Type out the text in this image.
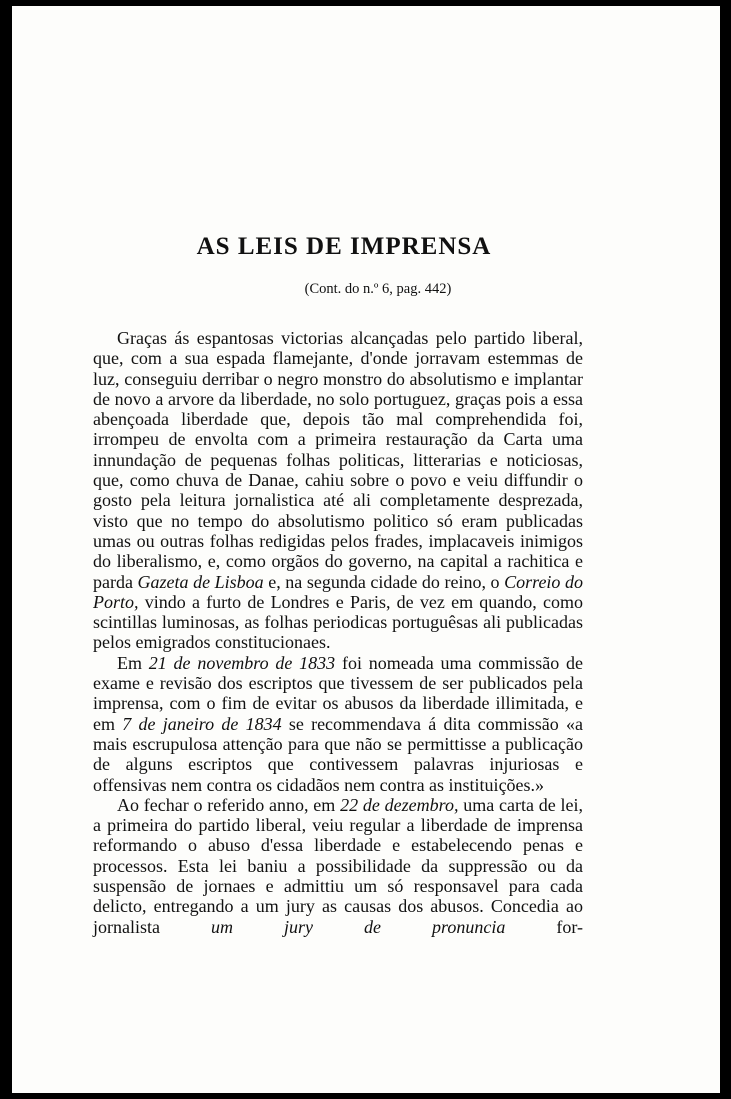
AS LEIS DE IMPRENSA
(Cont. do n.º 6, pag. 442)

Graças ás espantosas victorias alcançadas pelo partido liberal, que, com a sua espada flamejante, d'onde jorravam estemmas de luz, conseguiu derribar o negro monstro do absolutismo e implantar de novo a arvore da liberdade, no solo portuguez, graças pois a essa abençoada liberdade que, depois tão mal comprehendida foi, irrompeu de envolta com a primeira restauração da Carta uma innundação de pequenas folhas politicas, litterarias e noticiosas, que, como chuva de Danae, cahiu sobre o povo e veiu diffundir o gosto pela leitura jornalistica até ali completamente desprezada, visto que no tempo do absolutismo politico só eram publicadas umas ou outras folhas redigidas pelos frades, implacaveis inimigos do liberalismo, e, como orgãos do governo, na capital a rachitica e parda Gazeta de Lisboa e, na segunda cidade do reino, o Correio do Porto, vindo a furto de Londres e Paris, de vez em quando, como scintillas luminosas, as folhas periodicas portuguêsas ali publicadas pelos emigrados constitucionaes.

Em 21 de novembro de 1833 foi nomeada uma commissão de exame e revisão dos escriptos que tivessem de ser publicados pela imprensa, com o fim de evitar os abusos da liberdade illimitada, e em 7 de janeiro de 1834 se recommendava á dita commissão «a mais escrupulosa attenção para que não se permittisse a publicação de alguns escriptos que contivessem palavras injuriosas e offensivas nem contra os cidadãos nem contra as instituições.»

Ao fechar o referido anno, em 22 de dezembro, uma carta de lei, a primeira do partido liberal, veiu regular a liberdade de imprensa reformando o abuso d'essa liberdade e estabelecendo penas e processos. Esta lei baniu a possibilidade da suppressão ou da suspensão de jornaes e admittiu um só responsavel para cada delicto, entregando a um jury as causas dos abusos. Concedia ao jornalista um jury de pronuncia for-
